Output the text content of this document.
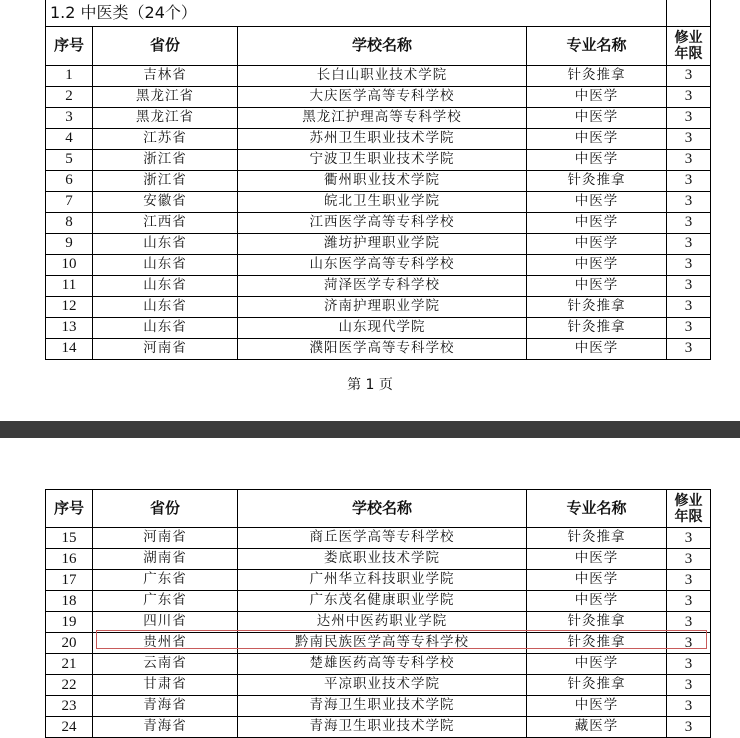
1.2 中医类（24个）				
序号	省份	学校名称	专业名称	修业
年限
1	吉林省	长白山职业技术学院	针灸推拿	3
2	黑龙江省	大庆医学高等专科学校	中医学	3
3	黑龙江省	黑龙江护理高等专科学校	中医学	3
4	江苏省	苏州卫生职业技术学院	中医学	3
5	浙江省	宁波卫生职业技术学院	中医学	3
6	浙江省	衢州职业技术学院	针灸推拿	3
7	安徽省	皖北卫生职业学院	中医学	3
8	江西省	江西医学高等专科学校	中医学	3
9	山东省	潍坊护理职业学院	中医学	3
10	山东省	山东医学高等专科学校	中医学	3
11	山东省	菏泽医学专科学校	中医学	3
12	山东省	济南护理职业学院	针灸推拿	3
13	山东省	山东现代学院	针灸推拿	3
14	河南省	濮阳医学高等专科学校	中医学	3
第 1 页
序号	省份	学校名称	专业名称	修业
年限
15	河南省	商丘医学高等专科学校	针灸推拿	3
16	湖南省	娄底职业技术学院	中医学	3
17	广东省	广州华立科技职业学院	中医学	3
18	广东省	广东茂名健康职业学院	中医学	3
19	四川省	达州中医药职业学院	针灸推拿	3
20	贵州省	黔南民族医学高等专科学校	针灸推拿	3
21	云南省	楚雄医药高等专科学校	中医学	3
22	甘肃省	平凉职业技术学院	针灸推拿	3
23	青海省	青海卫生职业技术学院	中医学	3
24	青海省	青海卫生职业技术学院	藏医学	3
